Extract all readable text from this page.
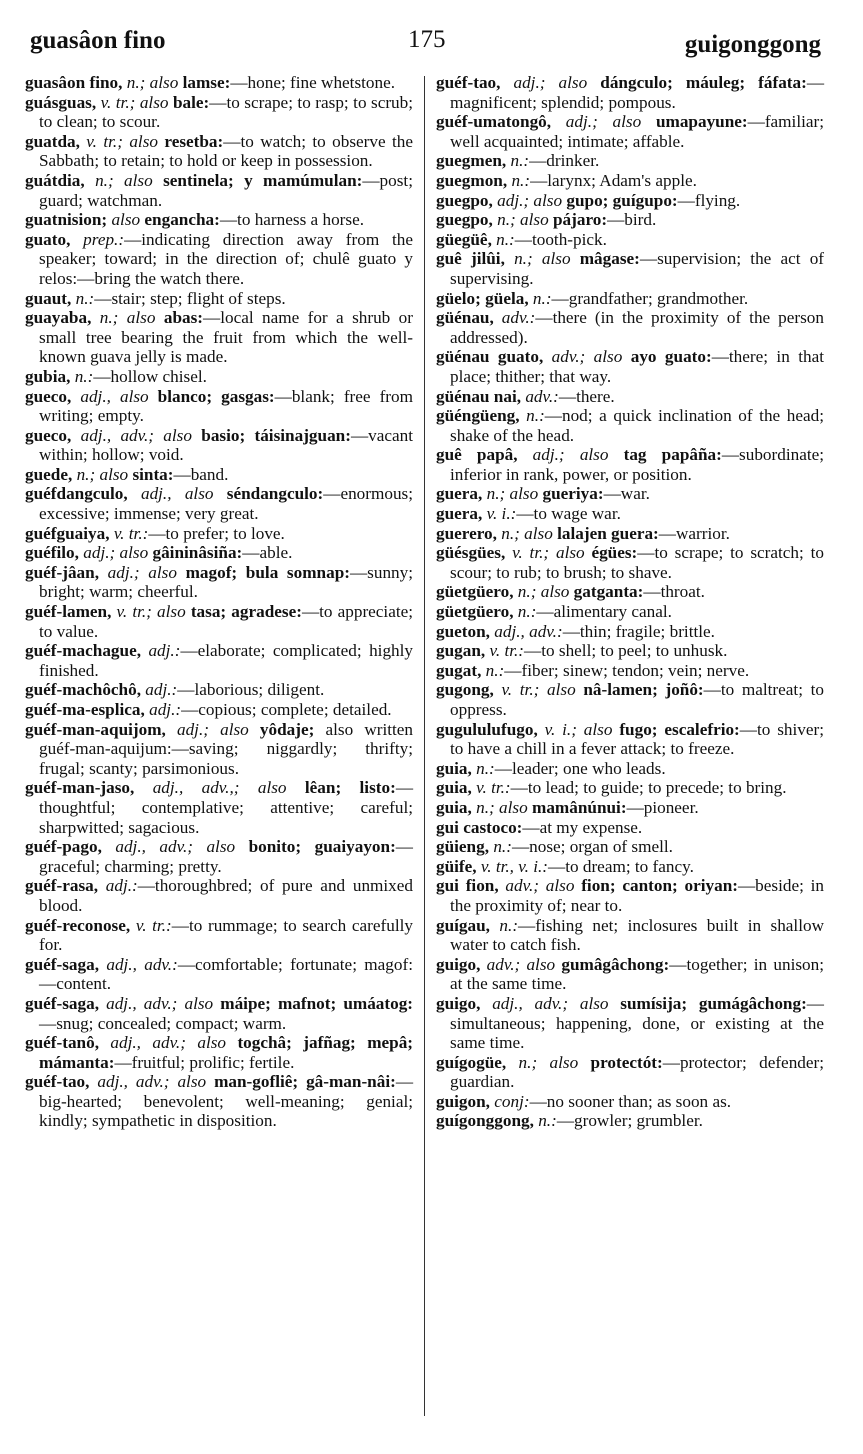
guasâon fino	175	guigonggong

guasâon fino, n.; also lamse:—hone; fine whetstone.

guásguas, v. tr.; also bale:—to scrape; to rasp; to scrub; to clean; to scour.

guatda, v. tr.; also resetba:—to watch; to observe the Sabbath; to retain; to hold or keep in possession.

guátdia, n.; also sentinela; y mamúmulan:—post; guard; watchman.

guatnision; also engancha:—to harness a horse.

guato, prep.:—indicating direction away from the speaker; toward; in the direction of; chulê guato y relos:—bring the watch there.

guaut, n.:—stair; step; flight of steps.

guayaba, n.; also abas:—local name for a shrub or small tree bearing the fruit from which the well-known guava jelly is made.

gubia, n.:—hollow chisel.

gueco, adj., also blanco; gasgas:—blank; free from writing; empty.

gueco, adj., adv.; also basio; táisinajguan:—vacant within; hollow; void.

guede, n.; also sinta:—band.

guéfdangculo, adj., also séndangculo:—enormous; excessive; immense; very great.

guéfguaiya, v. tr.:—to prefer; to love.

guéfilo, adj.; also gâininâsiña:—able.

guéf-jâan, adj.; also magof; bula somnap:—sunny; bright; warm; cheerful.

guéf-lamen, v. tr.; also tasa; agradese:—to appreciate; to value.

guéf-machague, adj.:—elaborate; complicated; highly finished.

guéf-machôchô, adj.:—laborious; diligent.

guéf-ma-esplica, adj.:—copious; complete; detailed.

guéf-man-aquijom, adj.; also yôdaje; also written guéf-man-aquijum:—saving; niggardly; thrifty; frugal; scanty; parsimonious.

guéf-man-jaso, adj., adv.,; also lêan; listo:—thoughtful; contemplative; attentive; careful; sharpwitted; sagacious.

guéf-pago, adj., adv.; also bonito; guaiyayon:—graceful; charming; pretty.

guéf-rasa, adj.:—thoroughbred; of pure and unmixed blood.

guéf-reconose, v. tr.:—to rummage; to search carefully for.

guéf-saga, adj., adv.:—comfortable; fortunate; magof:—content.

guéf-saga, adj., adv.; also máipe; mafnot; umáatog:—snug; concealed; compact; warm.

guéf-tanô, adj., adv.; also togchâ; jafñag; mepâ; mámanta:—fruitful; prolific; fertile.

guéf-tao, adj., adv.; also man-gofliê; gâ-man-nâi:—big-hearted; benevolent; well-meaning; genial; kindly; sympathetic in disposition.

guéf-tao, adj.; also dángculo; máuleg; fáfata:—magnificent; splendid; pompous.

guéf-umatongô, adj.; also umapayune:—familiar; well acquainted; intimate; affable.

guegmen, n.:—drinker.

guegmon, n.:—larynx; Adam's apple.

guegpo, adj.; also gupo; guígupo:—flying.

guegpo, n.; also pájaro:—bird.

güegüê, n.:—tooth-pick.

guê jilûi, n.; also mâgase:—supervision; the act of supervising.

güelo; güela, n.:—grandfather; grandmother.

güénau, adv.:—there (in the proximity of the person addressed).

güénau guato, adv.; also ayo guato:—there; in that place; thither; that way.

güénau nai, adv.:—there.

güéngüeng, n.:—nod; a quick inclination of the head; shake of the head.

guê papâ, adj.; also tag papâña:—subordinate; inferior in rank, power, or position.

guera, n.; also gueriya:—war.

guera, v. i.:—to wage war.

guerero, n.; also lalajen guera:—warrior.

güésgües, v. tr.; also égües:—to scrape; to scratch; to scour; to rub; to brush; to shave.

güetgüero, n.; also gatganta:—throat.

güetgüero, n.:—alimentary canal.

gueton, adj., adv.:—thin; fragile; brittle.

gugan, v. tr.:—to shell; to peel; to unhusk.

gugat, n.:—fiber; sinew; tendon; vein; nerve.

gugong, v. tr.; also nâ-lamen; joñô:—to maltreat; to oppress.

gugululufugo, v. i.; also fugo; escalefrio:—to shiver; to have a chill in a fever attack; to freeze.

guia, n.:—leader; one who leads.

guia, v. tr.:—to lead; to guide; to precede; to bring.

guia, n.; also mamânúnui:—pioneer.

gui castoco:—at my expense.

güieng, n.:—nose; organ of smell.

güife, v. tr., v. i.:—to dream; to fancy.

gui fion, adv.; also fion; canton; oriyan:—beside; in the proximity of; near to.

guígau, n.:—fishing net; inclosures built in shallow water to catch fish.

guigo, adv.; also gumâgâchong:—together; in unison; at the same time.

guigo, adj., adv.; also sumísija; gumágâchong:—simultaneous; happening, done, or existing at the same time.

guígogüe, n.; also protectót:—protector; defender; guardian.

guigon, conj:—no sooner than; as soon as.

guígonggong, n.:—growler; grumbler.
